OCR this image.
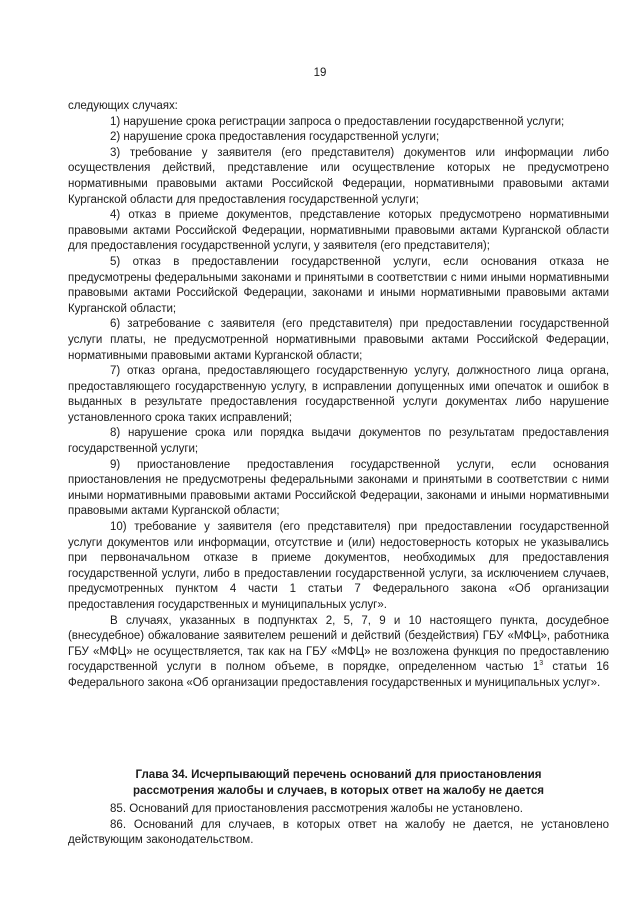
19

следующих случаях:

1) нарушение срока регистрации запроса о предоставлении государственной услуги;

2) нарушение срока предоставления государственной услуги;

3) требование у заявителя (его представителя) документов или информации либо осуществления действий, представление или осуществление которых не предусмотрено нормативными правовыми актами Российской Федерации, нормативными правовыми актами Курганской области для предоставления государственной услуги;

4) отказ в приеме документов, представление которых предусмотрено нормативными правовыми актами Российской Федерации, нормативными правовыми актами Курганской области для предоставления государственной услуги, у заявителя (его представителя);

5) отказ в предоставлении государственной услуги, если основания отказа не предусмотрены федеральными законами и принятыми в соответствии с ними иными нормативными правовыми актами Российской Федерации, законами и иными нормативными правовыми актами Курганской области;

6) затребование с заявителя (его представителя) при предоставлении государственной услуги платы, не предусмотренной нормативными правовыми актами Российской Федерации, нормативными правовыми актами Курганской области;

7) отказ органа, предоставляющего государственную услугу, должностного лица органа, предоставляющего государственную услугу, в исправлении допущенных ими опечаток и ошибок в выданных в результате предоставления государственной услуги документах либо нарушение установленного срока таких исправлений;

8) нарушение срока или порядка выдачи документов по результатам предоставления государственной услуги;

9) приостановление предоставления государственной услуги, если основания приостановления не предусмотрены федеральными законами и принятыми в соответствии с ними иными нормативными правовыми актами Российской Федерации, законами и иными нормативными правовыми актами Курганской области;

10) требование у заявителя (его представителя) при предоставлении государственной услуги документов или информации, отсутствие и (или) недостоверность которых не указывались при первоначальном отказе в приеме документов, необходимых для предоставления государственной услуги, либо в предоставлении государственной услуги, за исключением случаев, предусмотренных пунктом 4 части 1 статьи 7 Федерального закона «Об организации предоставления государственных и муниципальных услуг».

В случаях, указанных в подпунктах 2, 5, 7, 9 и 10 настоящего пункта, досудебное (внесудебное) обжалование заявителем решений и действий (бездействия) ГБУ «МФЦ», работника ГБУ «МФЦ» не осуществляется, так как на ГБУ «МФЦ» не возложена функция по предоставлению государственной услуги в полном объеме, в порядке, определенном частью $1^3$ статьи 16 Федерального закона «Об организации предоставления государственных и муниципальных услуг».

Глава 34. Исчерпывающий перечень оснований для приостановления
рассмотрения жалобы и случаев, в которых ответ на жалобу не дается

85. Оснований для приостановления рассмотрения жалобы не установлено.

86. Оснований для случаев, в которых ответ на жалобу не дается, не установлено действующим законодательством.
